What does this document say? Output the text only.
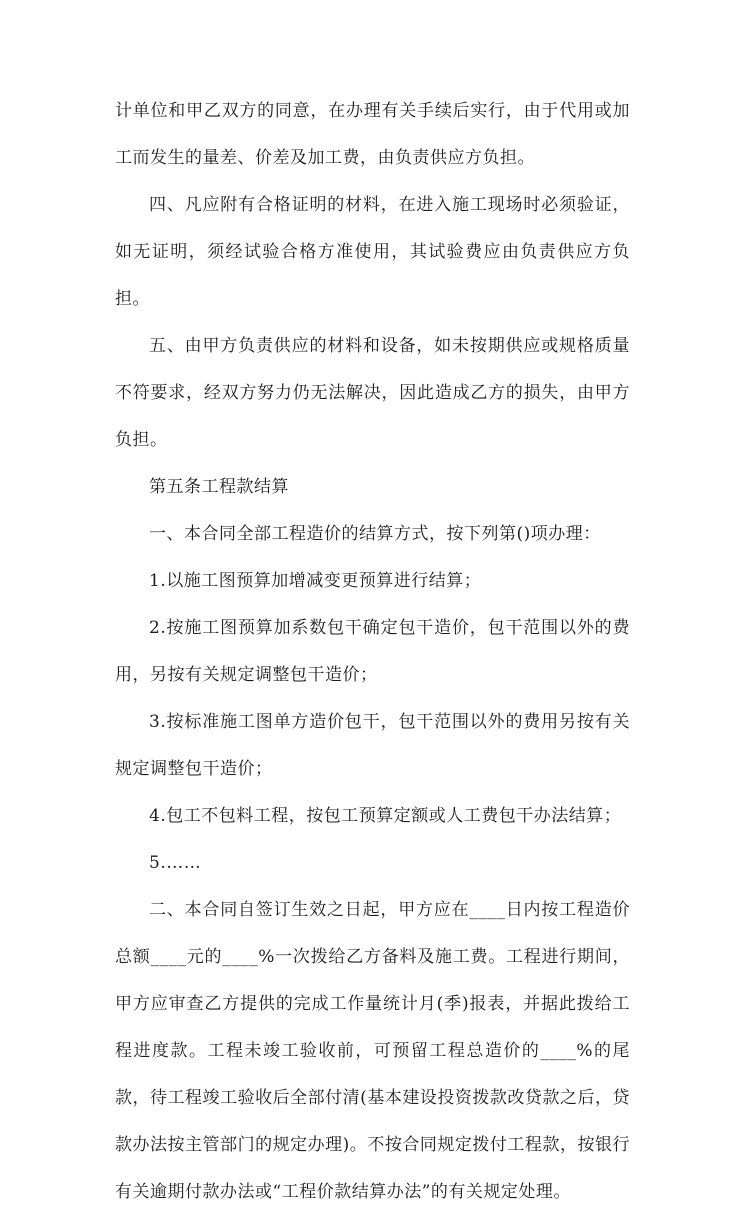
计单位和甲乙双方的同意，在办理有关手续后实行，由于代用或加工而发生的量差、价差及加工费，由负责供应方负担。

四、凡应附有合格证明的材料，在进入施工现场时必须验证，如无证明，须经试验合格方准使用，其试验费应由负责供应方负担。

五、由甲方负责供应的材料和设备，如未按期供应或规格质量不符要求，经双方努力仍无法解决，因此造成乙方的损失，由甲方负担。

第五条工程款结算

一、本合同全部工程造价的结算方式，按下列第()项办理：

1.以施工图预算加增减变更预算进行结算；

2.按施工图预算加系数包干确定包干造价，包干范围以外的费用，另按有关规定调整包干造价；

3.按标准施工图单方造价包干，包干范围以外的费用另按有关规定调整包干造价；

4.包工不包料工程，按包工预算定额或人工费包干办法结算；

5.……

二、本合同自签订生效之日起，甲方应在____日内按工程造价总额____元的____%一次拨给乙方备料及施工费。工程进行期间，甲方应审查乙方提供的完成工作量统计月(季)报表，并据此拨给工程进度款。工程未竣工验收前，可预留工程总造价的____%的尾款，待工程竣工验收后全部付清(基本建设投资拨款改贷款之后，贷款办法按主管部门的规定办理)。不按合同规定拨付工程款，按银行有关逾期付款办法或“工程价款结算办法”的有关规定处理。
